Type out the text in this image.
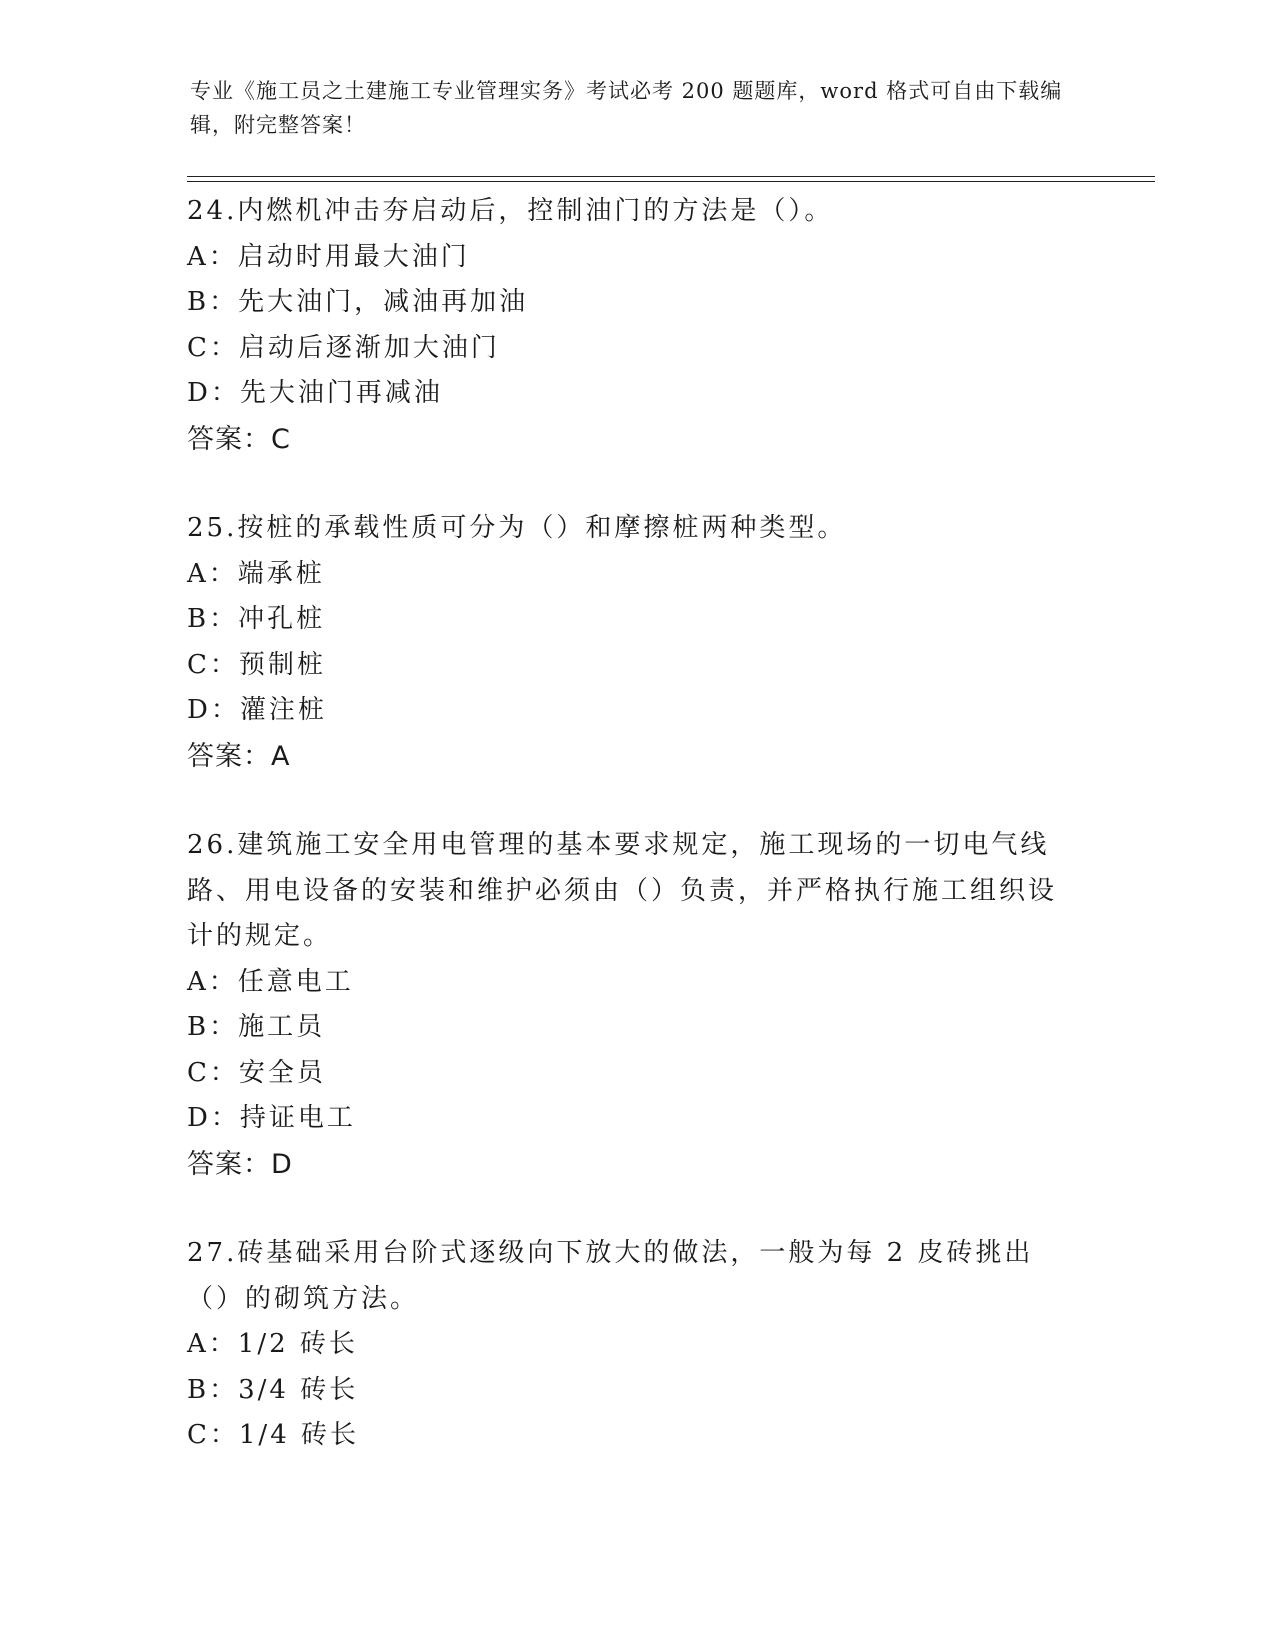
专业《施工员之土建施工专业管理实务》考试必考 200 题题库，word 格式可自由下载编辑，附完整答案！
24.内燃机冲击夯启动后，控制油门的方法是（）。
A：启动时用最大油门
B：先大油门，减油再加油
C：启动后逐渐加大油门
D：先大油门再减油
答案：C
25.按桩的承载性质可分为（）和摩擦桩两种类型。
A：端承桩
B：冲孔桩
C：预制桩
D：灌注桩
答案：A
26.建筑施工安全用电管理的基本要求规定，施工现场的一切电气线路、用电设备的安装和维护必须由（）负责，并严格执行施工组织设计的规定。
A：任意电工
B：施工员
C：安全员
D：持证电工
答案：D
27.砖基础采用台阶式逐级向下放大的做法，一般为每 2 皮砖挑出（）的砌筑方法。
A：1/2 砖长
B：3/4 砖长
C：1/4 砖长
